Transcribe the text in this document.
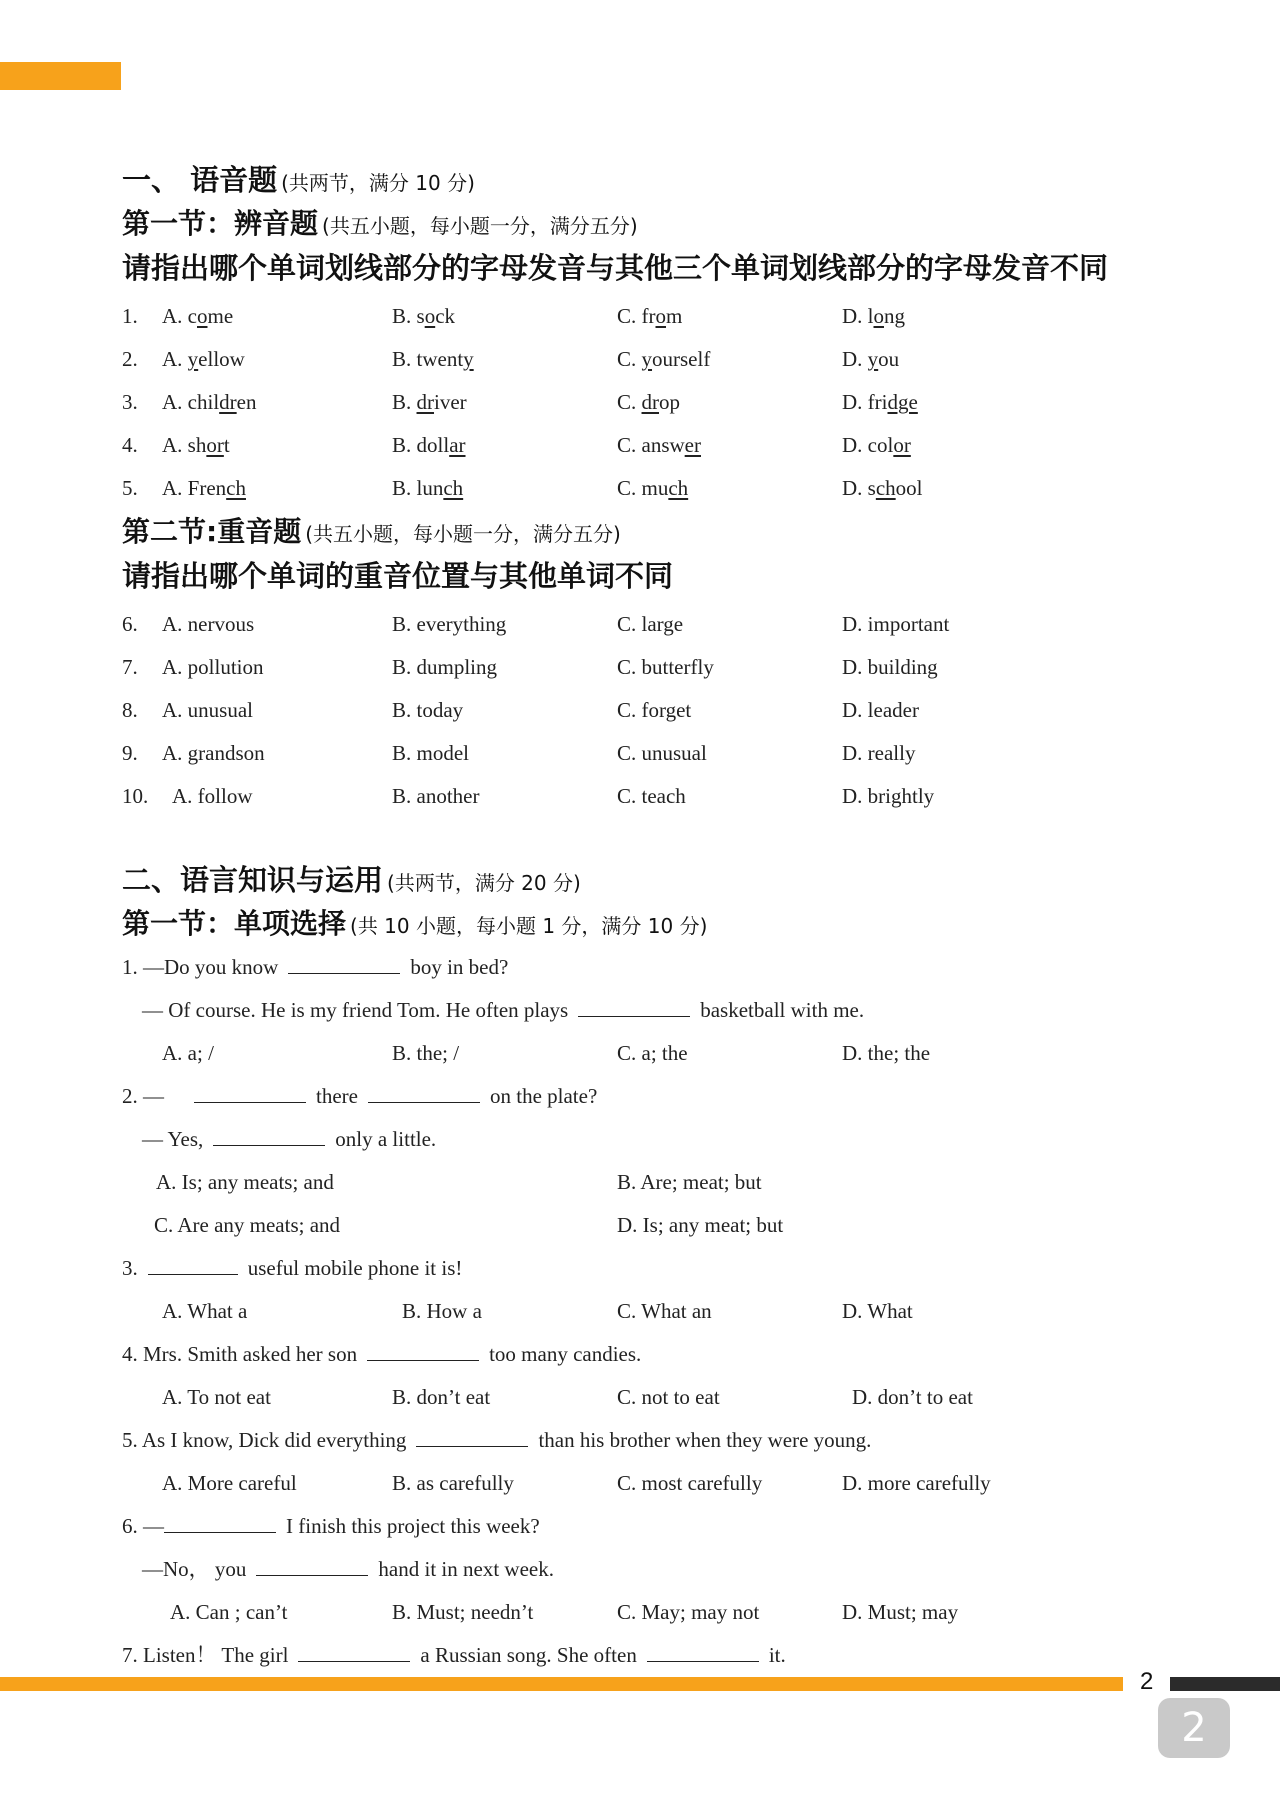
一、 语音题 (共两节，满分 10 分)
第一节：辨音题 (共五小题，每小题一分，满分五分)
请指出哪个单词划线部分的字母发音与其他三个单词划线部分的字母发音不同
1. A. come	B. sock	C. from	D. long
2. A. yellow	B. twenty	C. yourself	D. you
3. A. children	B. driver	C. drop	D. fridge
4. A. short	B. dollar	C. answer	D. color
5. A. French	B. lunch	C. much	D. school
第二节:重音题 (共五小题，每小题一分，满分五分)
请指出哪个单词的重音位置与其他单词不同
6. A. nervous	B. everything	C. large	D. important
7. A. pollution	B. dumpling	C. butterfly	D. building
8. A. unusual	B. today	C. forget	D. leader
9. A. grandson	B. model	C. unusual	D. really
10. A. follow	B. another	C. teach	D. brightly
二、语言知识与运用 (共两节，满分 20 分)
第一节：单项选择 (共 10 小题，每小题 1 分，满分 10 分)
1. —Do you know	boy in bed?
— Of course. He is my friend Tom. He often plays	basketball with me.
A. a; /	B. the; /	C. a; the	D. the; the
2. —	there	on the plate?
— Yes,	only a little.
A. Is; any meats; and	B. Are; meat; but
C. Are any meats; and	D. Is; any meat; but
3.	useful mobile phone it is!
A. What a	B. How a	C. What an	D. What
4. Mrs. Smith asked her son	too many candies.
A. To not eat	B. don’t eat	C. not to eat	D. don’t to eat
5. As I know, Dick did everything	than his brother when they were young.
A. More careful	B. as carefully	C. most carefully	D. more carefully
6. —	I finish this project this week?
—No， you	hand it in next week.
A. Can ; can’t	B. Must; needn’t	C. May; may not	D. Must; may
7. Listen！ The girl	a Russian song. She often	it.
2
2
